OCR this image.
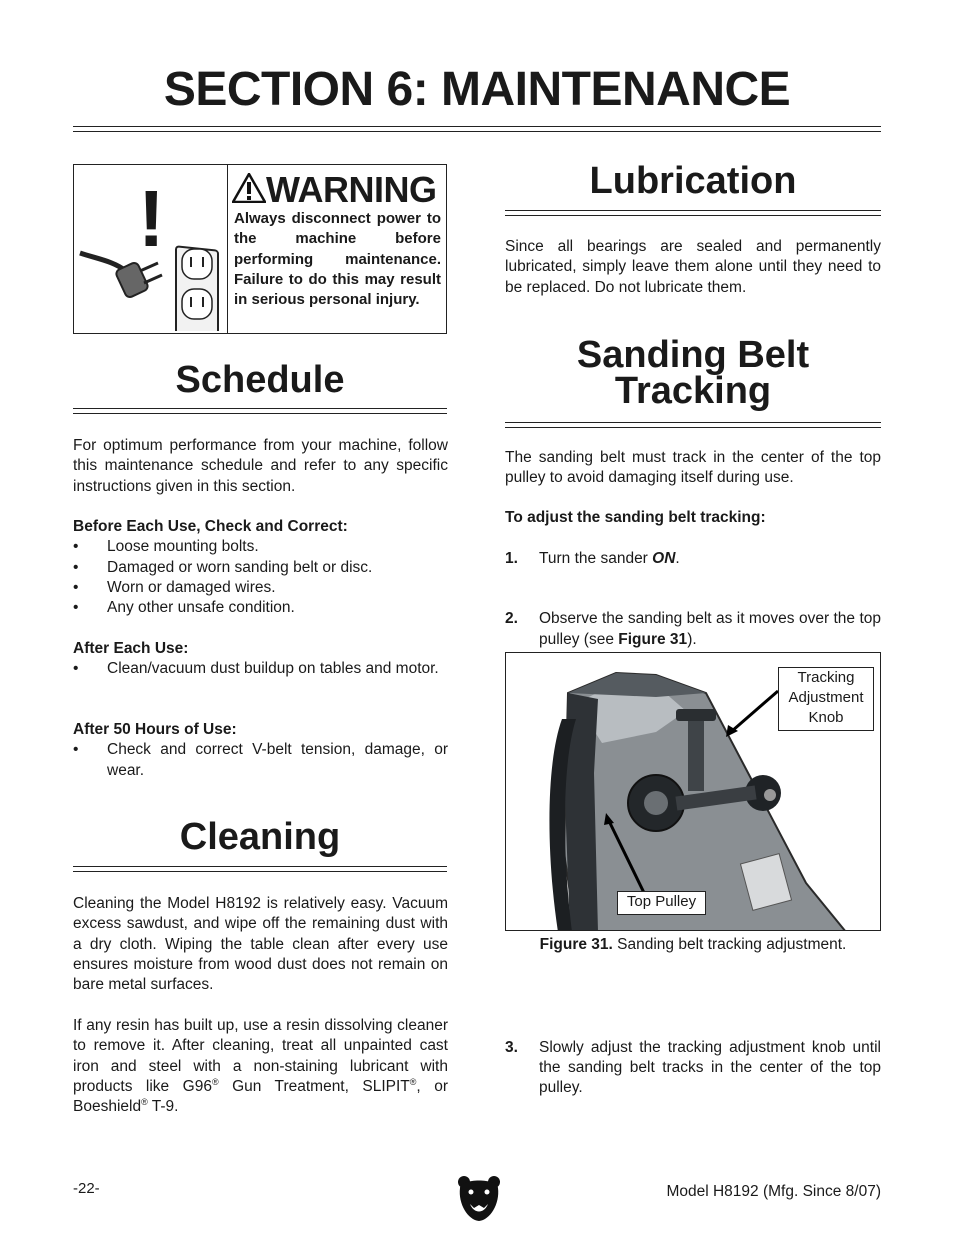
SECTION 6: MAINTENANCE
!	WARNING
Always disconnect power to the machine before performing maintenance. Failure to do this may result in serious personal injury.
Schedule
For optimum performance from your machine, follow this maintenance schedule and refer to any specific instructions given in this section.
Before Each Use, Check and Correct:
• Loose mounting bolts.
• Damaged or worn sanding belt or disc.
• Worn or damaged wires.
• Any other unsafe condition.
After Each Use:
• Clean/vacuum dust buildup on tables and motor.
After 50 Hours of Use:
• Check and correct V-belt tension, damage, or wear.
Cleaning
Cleaning the Model H8192 is relatively easy. Vacuum excess sawdust, and wipe off the remaining dust with a dry cloth. Wiping the table clean after every use ensures moisture from wood dust does not remain on bare metal surfaces.
If any resin has built up, use a resin dissolving cleaner to remove it. After cleaning, treat all unpainted cast iron and steel with a non-staining lubricant with products like G96® Gun Treatment, SLIPIT®, or Boeshield® T-9.
Lubrication
Since all bearings are sealed and permanently lubricated, simply leave them alone until they need to be replaced. Do not lubricate them.
Sanding Belt
Tracking
The sanding belt must track in the center of the top pulley to avoid damaging itself during use.
To adjust the sanding belt tracking:
1. Turn the sander ON.
2. Observe the sanding belt as it moves over the top pulley (see Figure 31).
Tracking
Adjustment
Knob
Top Pulley
Figure 31. Sanding belt tracking adjustment.
3. Slowly adjust the tracking adjustment knob until the sanding belt tracks in the center of the top pulley.
-22-	Model H8192 (Mfg. Since 8/07)
